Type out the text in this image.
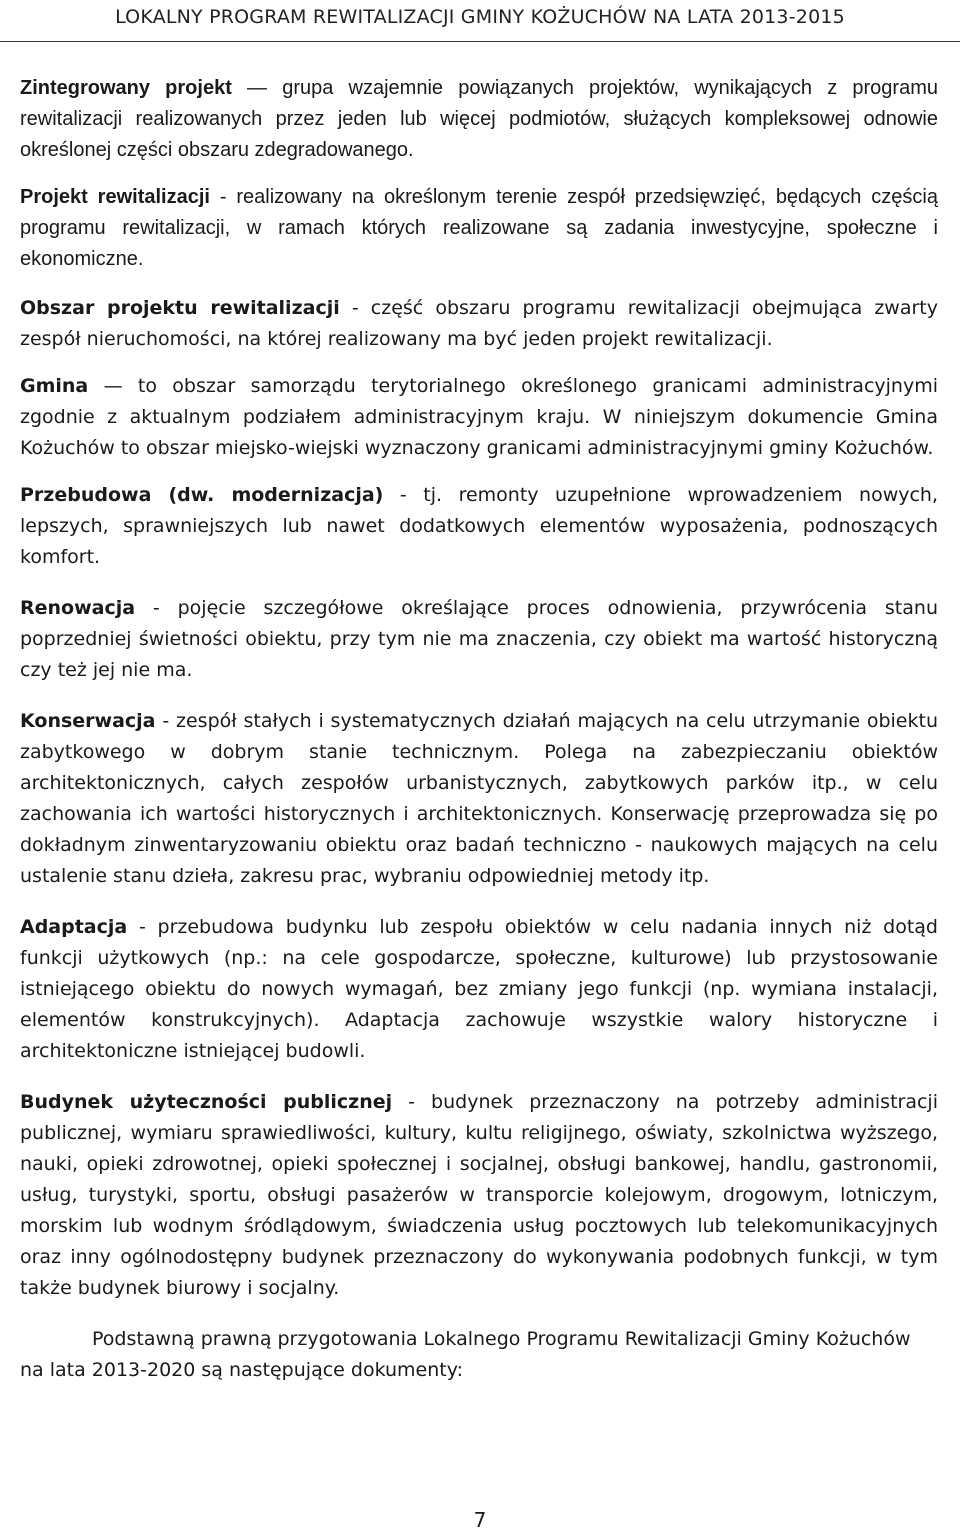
LOKALNY PROGRAM REWITALIZACJI GMINY KOŻUCHÓW NA LATA 2013-2015

Zintegrowany projekt — grupa wzajemnie powiązanych projektów, wynikających z programu rewitalizacji realizowanych przez jeden lub więcej podmiotów, służących kompleksowej odnowie określonej części obszaru zdegradowanego.

Projekt rewitalizacji - realizowany na określonym terenie zespół przedsięwzięć, będących częścią programu rewitalizacji, w ramach których realizowane są zadania inwestycyjne, społeczne i ekonomiczne.

Obszar projektu rewitalizacji - część obszaru programu rewitalizacji obejmująca zwarty zespół nieruchomości, na której realizowany ma być jeden projekt rewitalizacji.

Gmina — to obszar samorządu terytorialnego określonego granicami administracyjnymi zgodnie z aktualnym podziałem administracyjnym kraju. W niniejszym dokumencie Gmina Kożuchów to obszar miejsko-wiejski wyznaczony granicami administracyjnymi gminy Kożuchów.

Przebudowa (dw. modernizacja) - tj. remonty uzupełnione wprowadzeniem nowych, lepszych, sprawniejszych lub nawet dodatkowych elementów wyposażenia, podnoszących komfort.

Renowacja - pojęcie szczegółowe określające proces odnowienia, przywrócenia stanu poprzedniej świetności obiektu, przy tym nie ma znaczenia, czy obiekt ma wartość historyczną czy też jej nie ma.

Konserwacja - zespół stałych i systematycznych działań mających na celu utrzymanie obiektu zabytkowego w dobrym stanie technicznym. Polega na zabezpieczaniu obiektów architektonicznych, całych zespołów urbanistycznych, zabytkowych parków itp., w celu zachowania ich wartości historycznych i architektonicznych. Konserwację przeprowadza się po dokładnym zinwentaryzowaniu obiektu oraz badań techniczno - naukowych mających na celu ustalenie stanu dzieła, zakresu prac, wybraniu odpowiedniej metody itp.

Adaptacja - przebudowa budynku lub zespołu obiektów w celu nadania innych niż dotąd funkcji użytkowych (np.: na cele gospodarcze, społeczne, kulturowe) lub przystosowanie istniejącego obiektu do nowych wymagań, bez zmiany jego funkcji (np. wymiana instalacji, elementów konstrukcyjnych). Adaptacja zachowuje wszystkie walory historyczne i architektoniczne istniejącej budowli.

Budynek użyteczności publicznej - budynek przeznaczony na potrzeby administracji publicznej, wymiaru sprawiedliwości, kultury, kultu religijnego, oświaty, szkolnictwa wyższego, nauki, opieki zdrowotnej, opieki społecznej i socjalnej, obsługi bankowej, handlu, gastronomii, usług, turystyki, sportu, obsługi pasażerów w transporcie kolejowym, drogowym, lotniczym, morskim lub wodnym śródlądowym, świadczenia usług pocztowych lub telekomunikacyjnych oraz inny ogólnodostępny budynek przeznaczony do wykonywania podobnych funkcji, w tym także budynek biurowy i socjalny.

Podstawną prawną przygotowania Lokalnego Programu Rewitalizacji Gminy Kożuchów na lata 2013-2020 są następujące dokumenty:

7
